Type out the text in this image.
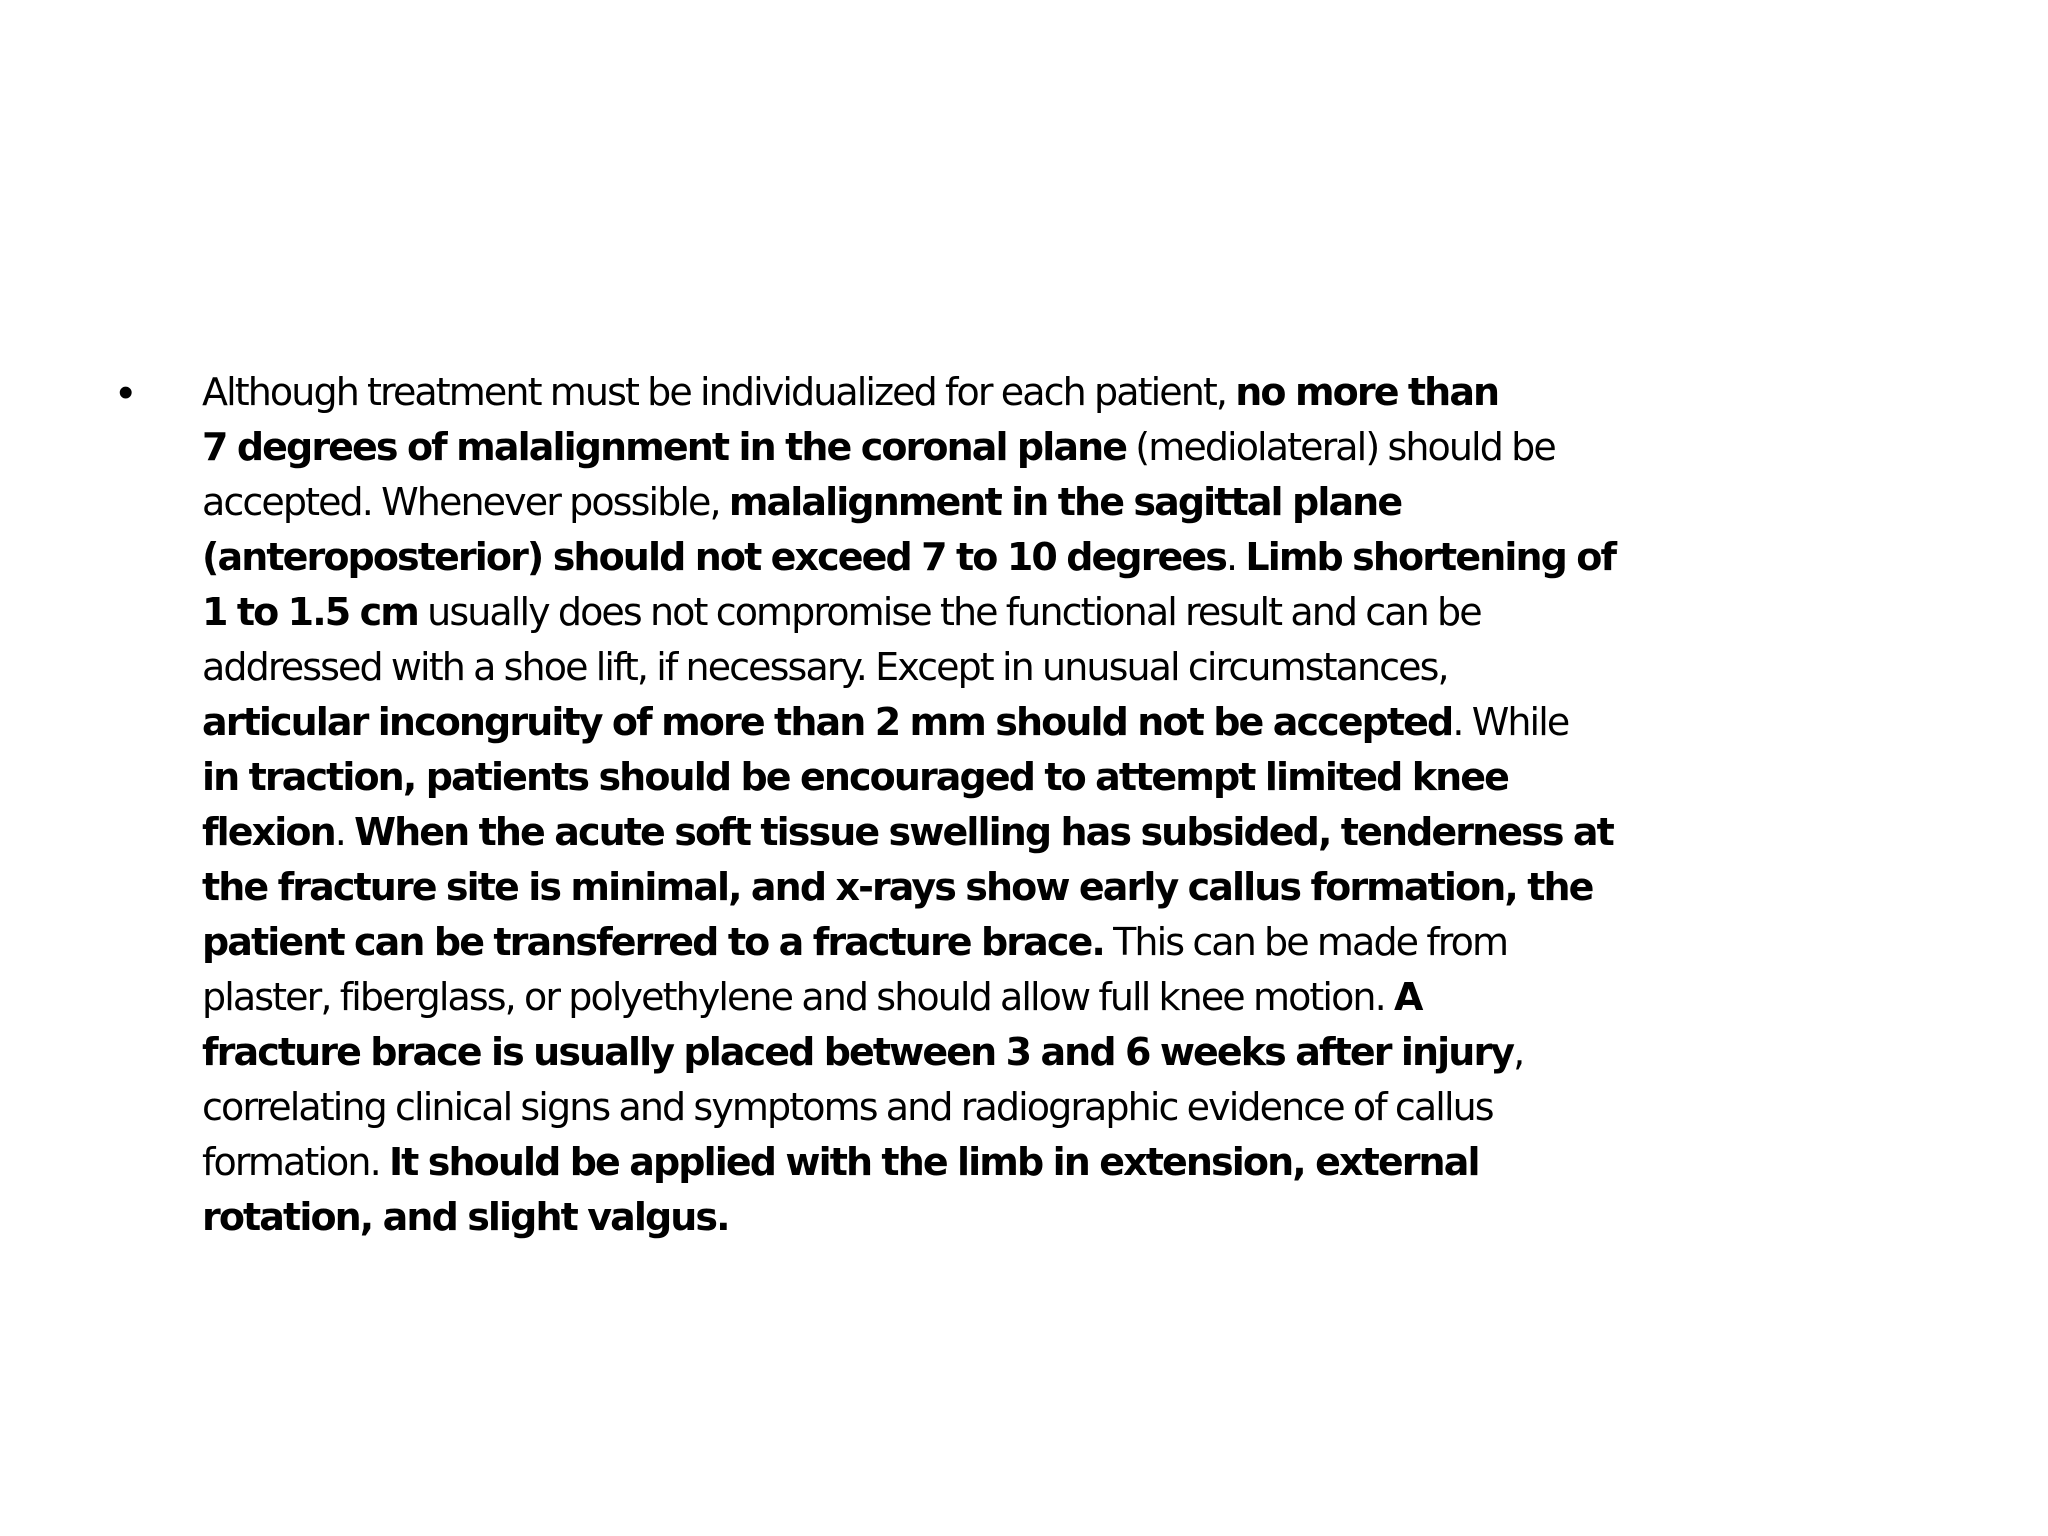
•	Although treatment must be individualized for each patient, no more than
7 degrees of malalignment in the coronal plane (mediolateral) should be
accepted. Whenever possible, malalignment in the sagittal plane
(anteroposterior) should not exceed 7 to 10 degrees. Limb shortening of
1 to 1.5 cm usually does not compromise the functional result and can be
addressed with a shoe lift, if necessary. Except in unusual circumstances,
articular incongruity of more than 2 mm should not be accepted. While
in traction, patients should be encouraged to attempt limited knee
flexion. When the acute soft tissue swelling has subsided, tenderness at
the fracture site is minimal, and x-rays show early callus formation, the
patient can be transferred to a fracture brace. This can be made from
plaster, fiberglass, or polyethylene and should allow full knee motion. A
fracture brace is usually placed between 3 and 6 weeks after injury,
correlating clinical signs and symptoms and radiographic evidence of callus
formation. It should be applied with the limb in extension, external
rotation, and slight valgus.
